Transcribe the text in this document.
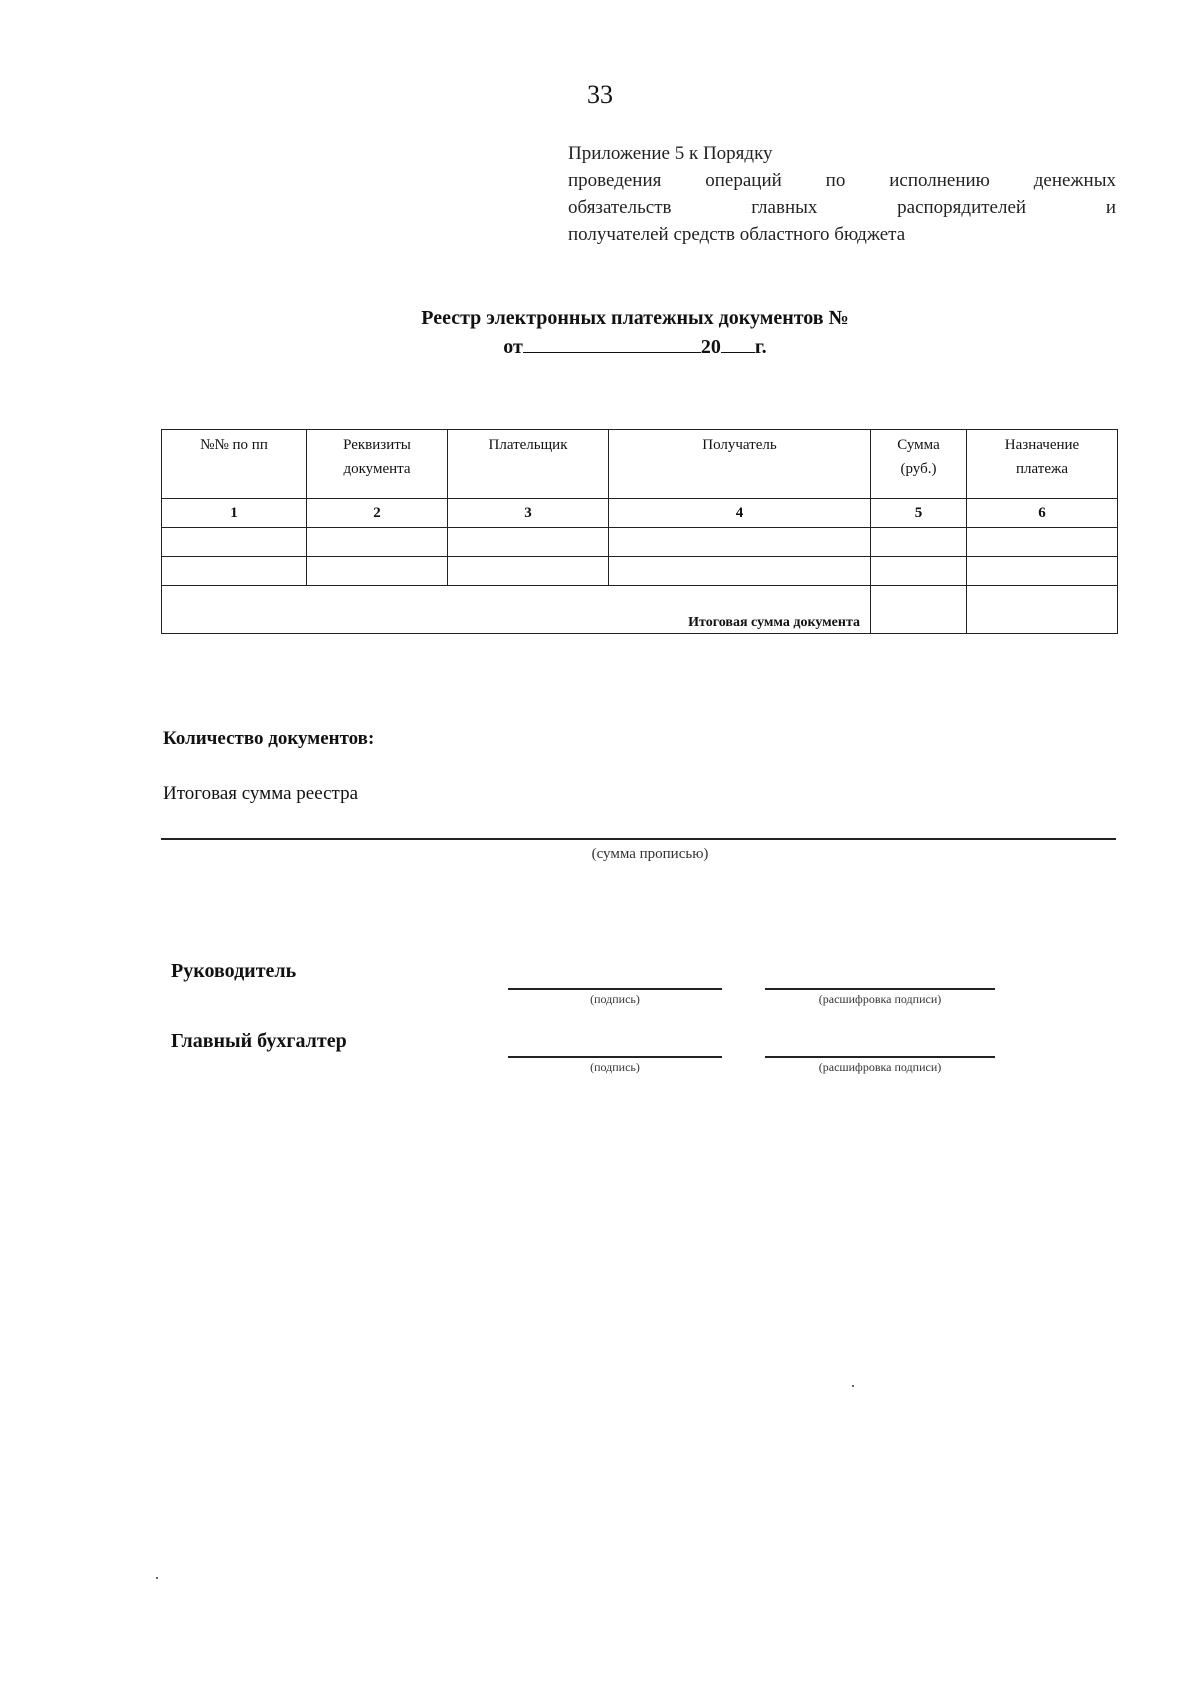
33
Приложение 5 к Порядку
проведения операций по исполнению денежных
обязательств главных распорядителей и
получателей средств областного бюджета
Реестр электронных платежных документов №
от	20 г.
№№ по пп	Реквизиты документа	Плательщик	Получатель	Сумма (руб.)	Назначение платежа
1	2	3	4	5	6

Итоговая сумма документа					
Количество документов:
Итоговая сумма реестра
(сумма прописью)
Руководитель
(подпись)	(расшифровка подписи)
Главный бухгалтер
(подпись)	(расшифровка подписи)
